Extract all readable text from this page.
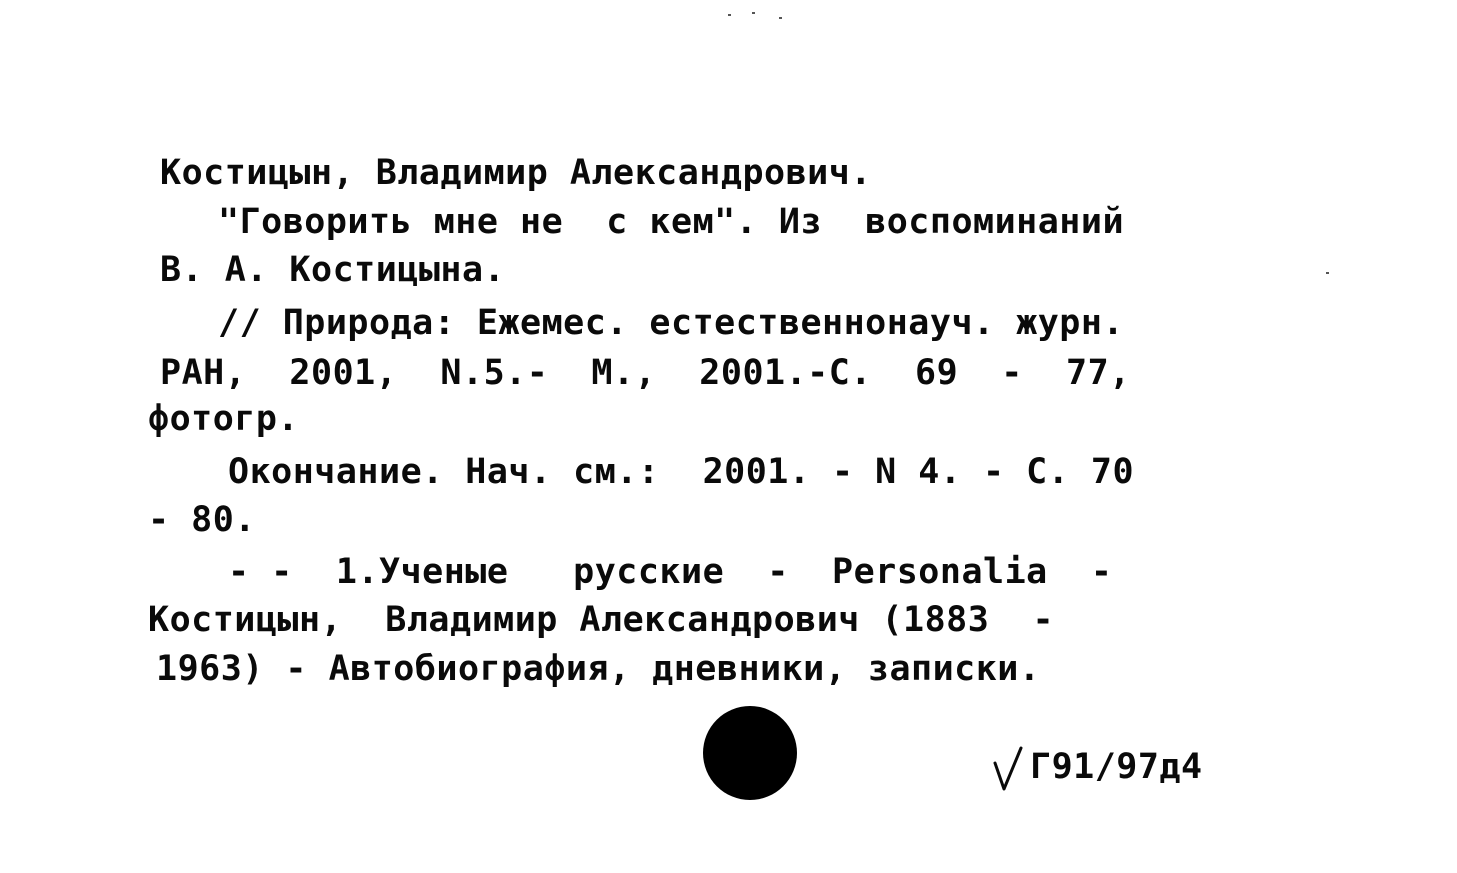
Костицын, Владимир Александрович.

"Говорить мне не  с кем". Из  воспоминаний

В. А. Костицына.

// Природа: Ежемес. естественнонауч. журн.

РАН,  2001,  N.5.-  М.,  2001.-С.  69  -  77,

фотогр.

Окончание. Нач. см.:  2001. - N 4. - С. 70

- 80.

- -  1.Ученые   русские  -  Personalia  -

Костицын,  Владимир Александрович (1883  -

1963) - Автобиография, дневники, записки.

Г91/97д4
